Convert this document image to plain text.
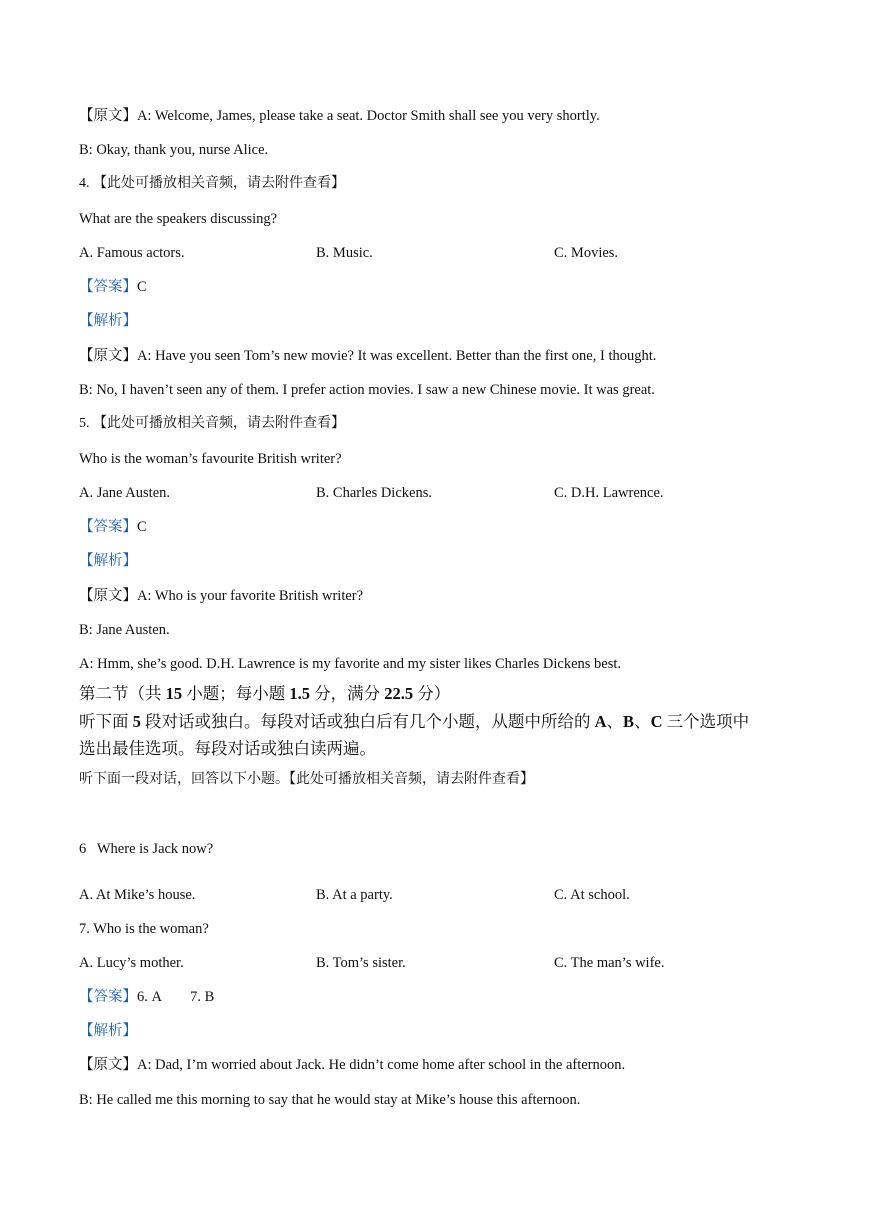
【原文】A: Welcome, James, please take a seat. Doctor Smith shall see you very shortly.
B: Okay, thank you, nurse Alice.
4. 【此处可播放相关音频，请去附件查看】
What are the speakers discussing?
A. Famous actors.	B. Music.	C. Movies.
【答案】C
【解析】
【原文】A: Have you seen Tom’s new movie? It was excellent. Better than the first one, I thought.
B: No, I haven’t seen any of them. I prefer action movies. I saw a new Chinese movie. It was great.
5. 【此处可播放相关音频，请去附件查看】
Who is the woman’s favourite British writer?
A. Jane Austen.	B. Charles Dickens.	C. D.H. Lawrence.
【答案】C
【解析】
【原文】A: Who is your favorite British writer?
B: Jane Austen.
A: Hmm, she’s good. D.H. Lawrence is my favorite and my sister likes Charles Dickens best.
第二节（共 15 小题；每小题 1.5 分，满分 22.5 分）
听下面 5 段对话或独白。每段对话或独白后有几个小题，从题中所给的 A、B、C 三个选项中
选出最佳选项。每段对话或独白读两遍。
听下面一段对话，回答以下小题。【此处可播放相关音频，请去附件查看】
6   Where is Jack now?
A. At Mike’s house.	B. At a party.	C. At school.
7. Who is the woman?
A. Lucy’s mother.	B. Tom’s sister.	C. The man’s wife.
【答案】6. A        7. B
【解析】
【原文】A: Dad, I’m worried about Jack. He didn’t come home after school in the afternoon.
B: He called me this morning to say that he would stay at Mike’s house this afternoon.
